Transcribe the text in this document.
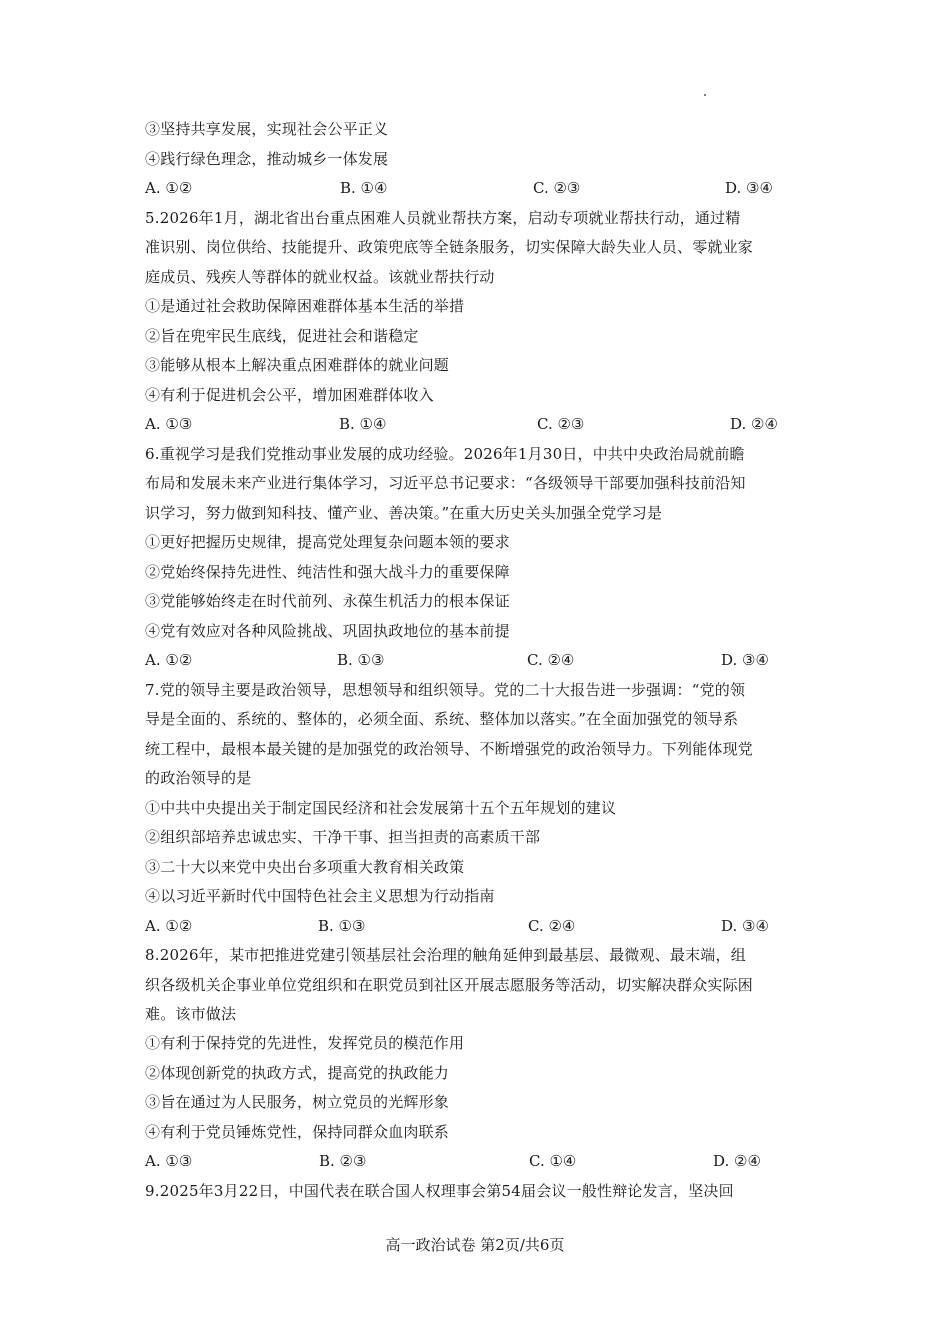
③坚持共享发展，实现社会公平正义
④践行绿色理念，推动城乡一体发展
A. ①②	B. ①④	C. ②③	D. ③④
5.2026年1月，湖北省出台重点困难人员就业帮扶方案，启动专项就业帮扶行动，通过精
准识别、岗位供给、技能提升、政策兜底等全链条服务，切实保障大龄失业人员、零就业家
庭成员、残疾人等群体的就业权益。该就业帮扶行动
①是通过社会救助保障困难群体基本生活的举措
②旨在兜牢民生底线，促进社会和谐稳定
③能够从根本上解决重点困难群体的就业问题
④有利于促进机会公平，增加困难群体收入
A. ①③	B. ①④	C. ②③	D. ②④
6.重视学习是我们党推动事业发展的成功经验。2026年1月30日，中共中央政治局就前瞻
布局和发展未来产业进行集体学习，习近平总书记要求：“各级领导干部要加强科技前沿知
识学习，努力做到知科技、懂产业、善决策。”在重大历史关头加强全党学习是
①更好把握历史规律，提高党处理复杂问题本领的要求
②党始终保持先进性、纯洁性和强大战斗力的重要保障
③党能够始终走在时代前列、永葆生机活力的根本保证
④党有效应对各种风险挑战、巩固执政地位的基本前提
A. ①②	B. ①③	C. ②④	D. ③④
7.党的领导主要是政治领导，思想领导和组织领导。党的二十大报告进一步强调：“党的领
导是全面的、系统的、整体的，必须全面、系统、整体加以落实。”在全面加强党的领导系
统工程中，最根本最关键的是加强党的政治领导、不断增强党的政治领导力。下列能体现党
的政治领导的是
①中共中央提出关于制定国民经济和社会发展第十五个五年规划的建议
②组织部培养忠诚忠实、干净干事、担当担责的高素质干部
③二十大以来党中央出台多项重大教育相关政策
④以习近平新时代中国特色社会主义思想为行动指南
A. ①②	B. ①③	C. ②④	D. ③④
8.2026年，某市把推进党建引领基层社会治理的触角延伸到最基层、最微观、最末端，组
织各级机关企事业单位党组织和在职党员到社区开展志愿服务等活动，切实解决群众实际困
难。该市做法
①有利于保持党的先进性，发挥党员的模范作用
②体现创新党的执政方式，提高党的执政能力
③旨在通过为人民服务，树立党员的光辉形象
④有利于党员锤炼党性，保持同群众血肉联系
A. ①③	B. ②③	C. ①④	D. ②④
9.2025年3月22日，中国代表在联合国人权理事会第54届会议一般性辩论发言，坚决回
高一政治试卷 第2页/共6页
